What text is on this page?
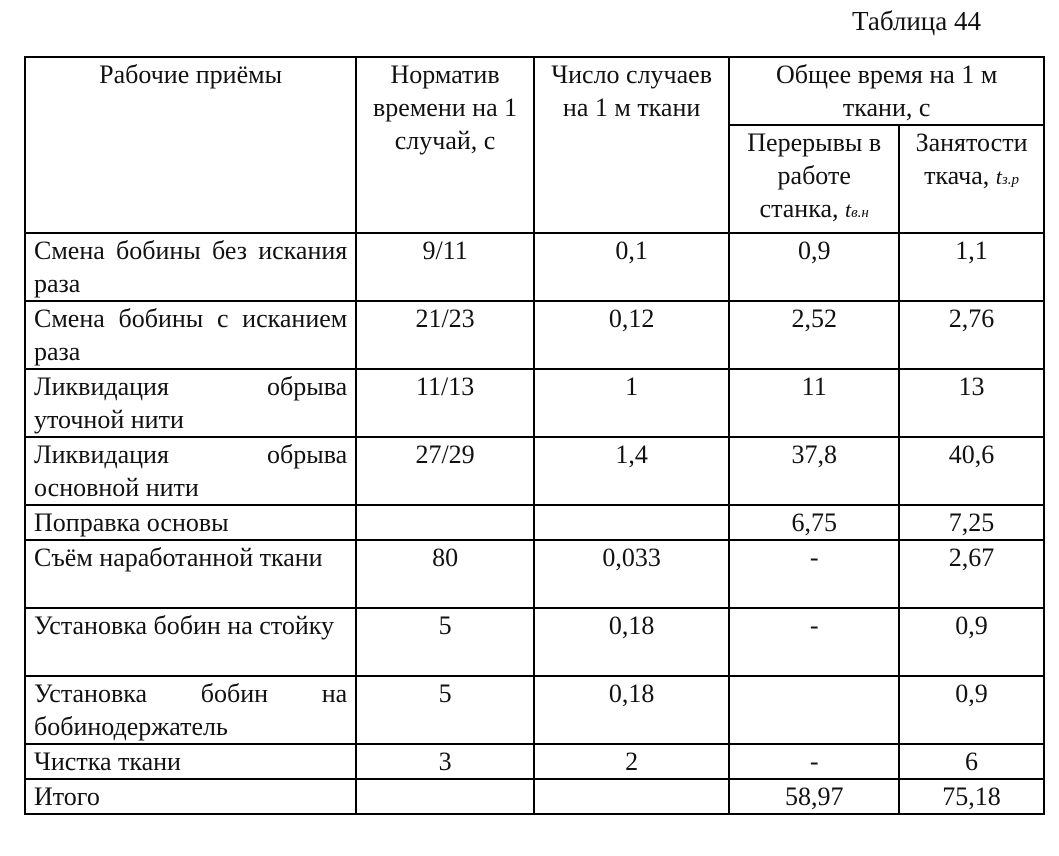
Таблица 44
Рабочие приёмы	Норматив времени на 1 случай, с	Число случаев на 1 м ткани	Общее время на 1 м ткани, с	
			Перерывы в работе станка, tв.н	Занятости ткача, tз.р
Смена бобины без искания раза	9/11	0,1	0,9	1,1
Смена бобины с исканием раза	21/23	0,12	2,52	2,76
Ликвидация обрыва уточной нити	11/13	1	11	13
Ликвидация обрыва основной нити	27/29	1,4	37,8	40,6
Поправка основы			6,75	7,25
Съём наработанной ткани	80	0,033	-	2,67
Установка бобин на стойку	5	0,18	-	0,9
Установка бобин на бобинодержатель	5	0,18		0,9
Чистка ткани	3	2	-	6
Итого			58,97	75,18
